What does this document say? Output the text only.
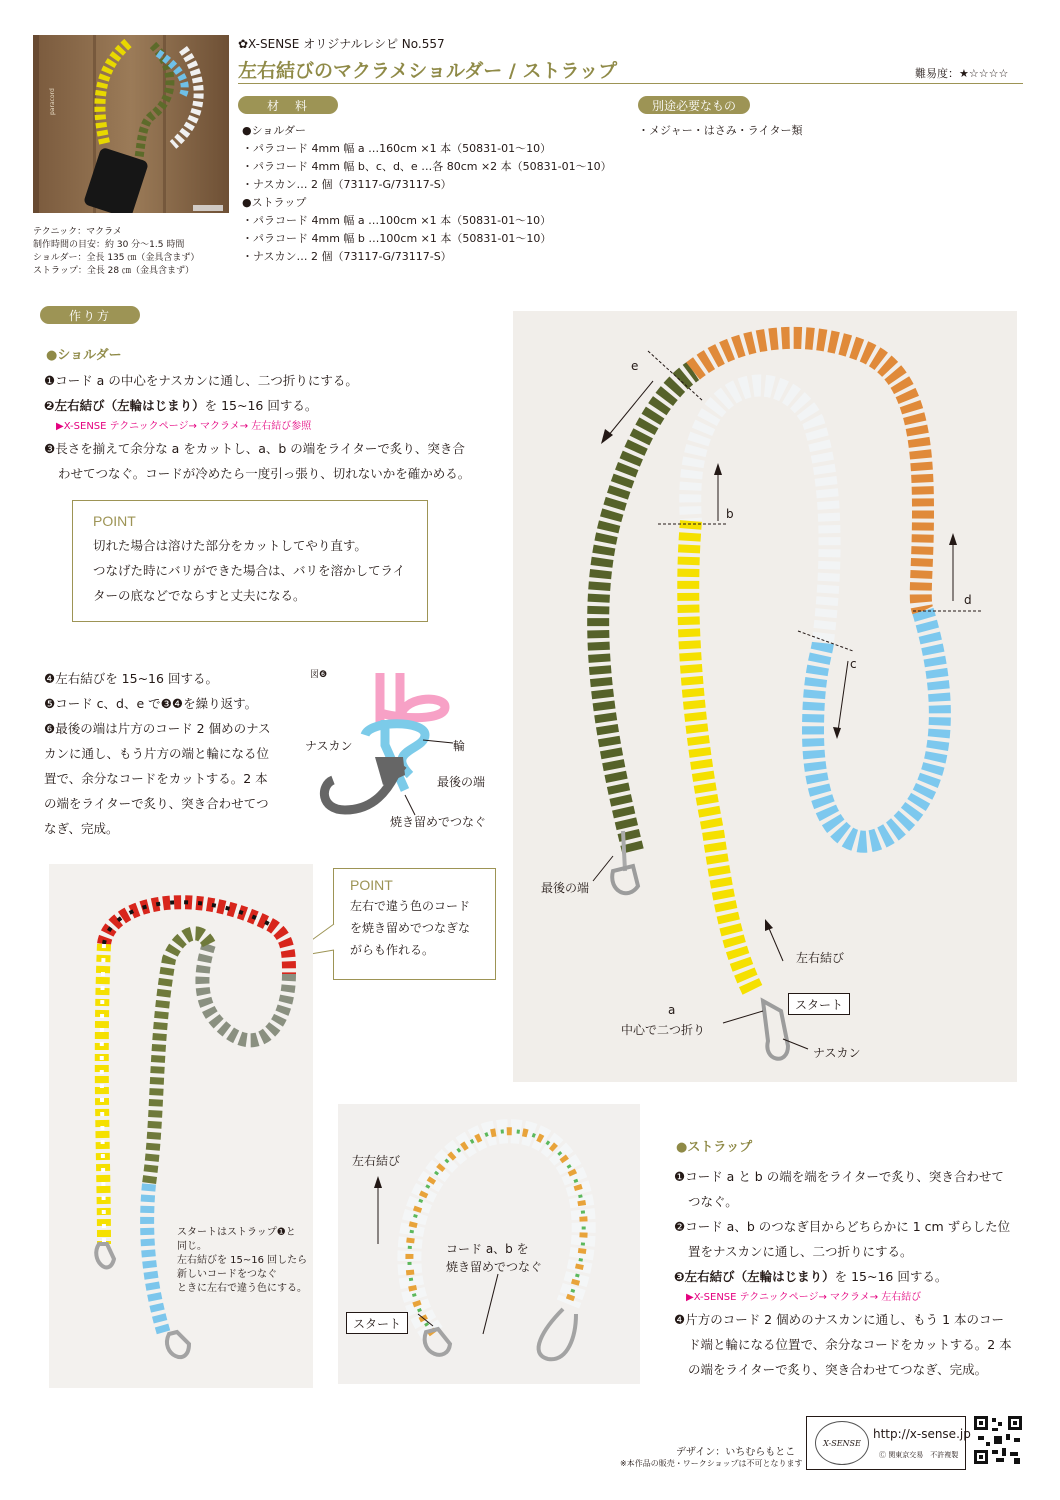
paracord
テクニック：マクラメ
制作時間の目安：約 30 分～1.5 時間
ショルダー：全長 135 ㎝（金具含まず）
ストラップ：全長 28 ㎝（金具含まず）
✿X-SENSE オリジナルレシピ No.557
左右結びのマクラメショルダー / ストラップ	難易度：★☆☆☆☆
材　料
●ショルダー
・パラコード 4mm 幅 a …160cm ×1 本（50831-01～10）
・パラコード 4mm 幅 b、c、d、e …各 80cm ×2 本（50831-01～10）
・ナスカン… 2 個（73117-G/73117-S）
●ストラップ
・パラコード 4mm 幅 a …100cm ×1 本（50831-01～10）
・パラコード 4mm 幅 b …100cm ×1 本（50831-01～10）
・ナスカン… 2 個（73117-G/73117-S）
別途必要なもの
・メジャー・はさみ・ライター類
作り方
●ショルダー
❶コード a の中心をナスカンに通し、二つ折りにする。
❷左右結び（左輪はじまり）を 15~16 回する。
▶X-SENSE テクニックページ→ マクラメ→ 左右結び参照
❸長さを揃えて余分な a をカットし、a、b の端をライターで炙り、突き合
わせてつなぐ。コードが冷めたら一度引っ張り、切れないかを確かめる。
POINT
切れた場合は溶けた部分をカットしてやり直す。
つなげた時にバリができた場合は、バリを溶かしてライ
ターの底などでならすと丈夫になる。
❹左右結びを 15~16 回する。
❺コード c、d、e で❸❹を繰り返す。
❻最後の端は片方のコード 2 個めのナス
カンに通し、もう片方の端と輪になる位
置で、余分なコードをカットする。2 本
の端をライターで炙り、突き合わせてつ
なぎ、完成。
図❻
ナスカン	輪
最後の端
焼き留めでつなぐ
e
b
d
c
最後の端
左右結び
スタート
a
中心で二つ折り
ナスカン
POINT
左右で違う色のコード
を焼き留めでつなぎな
がらも作れる。
スタートはストラップ❶と
同じ。
左右結びを 15~16 回したら
新しいコードをつなぐ
ときに左右で違う色にする。
左右結び
コード a、b を
焼き留めでつなぐ
スタート
●ストラップ
❶コード a と b の端を端をライターで炙り、突き合わせて
つなぐ。
❷コード a、b のつなぎ目からどちらかに 1 cm ずらした位
置をナスカンに通し、二つ折りにする。
❸左右結び（左輪はじまり）を 15~16 回する。
▶X-SENSE テクニックページ→ マクラメ→ 左右結び
❹片方のコード 2 個めのナスカンに通し、もう 1 本のコー
ド端と輪になる位置で、余分なコードをカットする。2 本
の端をライターで炙り、突き合わせてつなぎ、完成。
デザイン：いちむらもとこ
※本作品の販売・ワークショップは不可となります
X-SENSE
http://x-sense.jp
Ⓒ 関東京交易　不許複製
